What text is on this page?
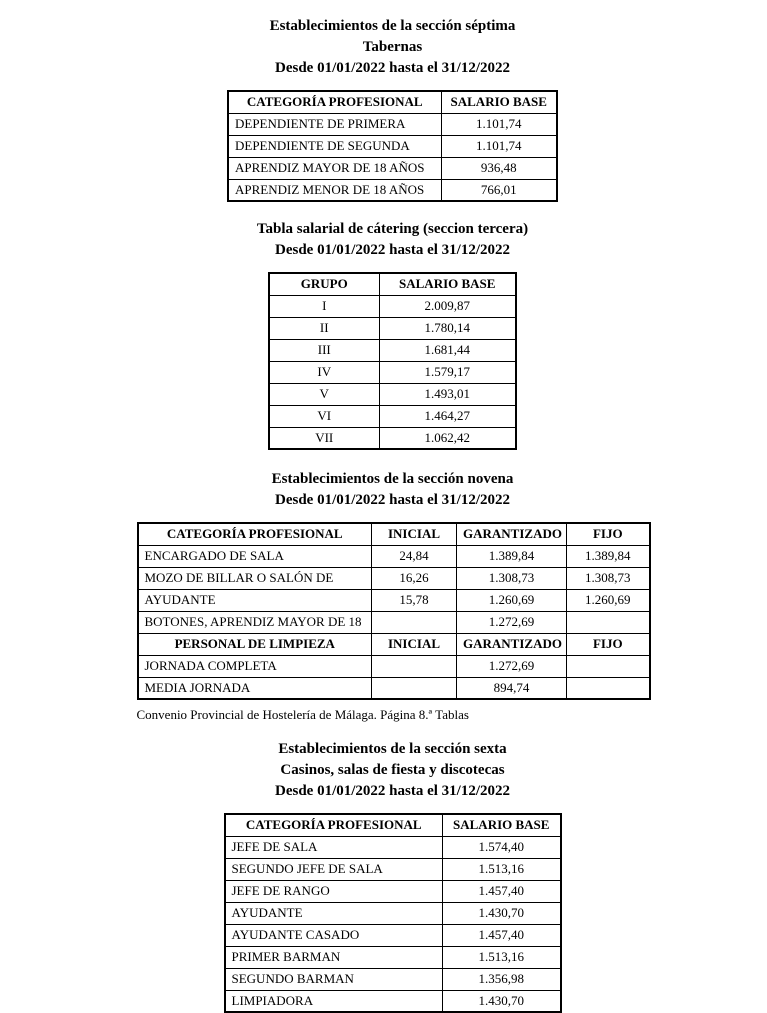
Establecimientos de la sección séptima
Tabernas
Desde 01/01/2022 hasta el 31/12/2022
CATEGORÍA PROFESIONAL	SALARIO BASE
DEPENDIENTE DE PRIMERA	1.101,74
DEPENDIENTE DE SEGUNDA	1.101,74
APRENDIZ MAYOR DE 18 AÑOS	936,48
APRENDIZ MENOR DE 18 AÑOS	766,01
Tabla salarial de cátering (seccion tercera)
Desde 01/01/2022 hasta el 31/12/2022
GRUPO	SALARIO BASE
I	2.009,87
II	1.780,14
III	1.681,44
IV	1.579,17
V	1.493,01
VI	1.464,27
VII	1.062,42
Establecimientos de la sección novena
Desde 01/01/2022 hasta el 31/12/2022
CATEGORÍA PROFESIONAL	INICIAL	GARANTIZADO	FIJO
ENCARGADO DE SALA	24,84	1.389,84	1.389,84
MOZO DE BILLAR O SALÓN DE	16,26	1.308,73	1.308,73
AYUDANTE	15,78	1.260,69	1.260,69
BOTONES, APRENDIZ MAYOR DE 18		1.272,69	
PERSONAL DE LIMPIEZA	INICIAL	GARANTIZADO	FIJO
JORNADA COMPLETA		1.272,69	
MEDIA JORNADA		894,74	
Convenio Provincial de Hostelería de Málaga. Página 8.ª Tablas
Establecimientos de la sección sexta
Casinos, salas de fiesta y discotecas
Desde 01/01/2022 hasta el 31/12/2022
CATEGORÍA PROFESIONAL	SALARIO BASE
JEFE DE SALA	1.574,40
SEGUNDO JEFE DE SALA	1.513,16
JEFE DE RANGO	1.457,40
AYUDANTE	1.430,70
AYUDANTE CASADO	1.457,40
PRIMER BARMAN	1.513,16
SEGUNDO BARMAN	1.356,98
LIMPIADORA	1.430,70
